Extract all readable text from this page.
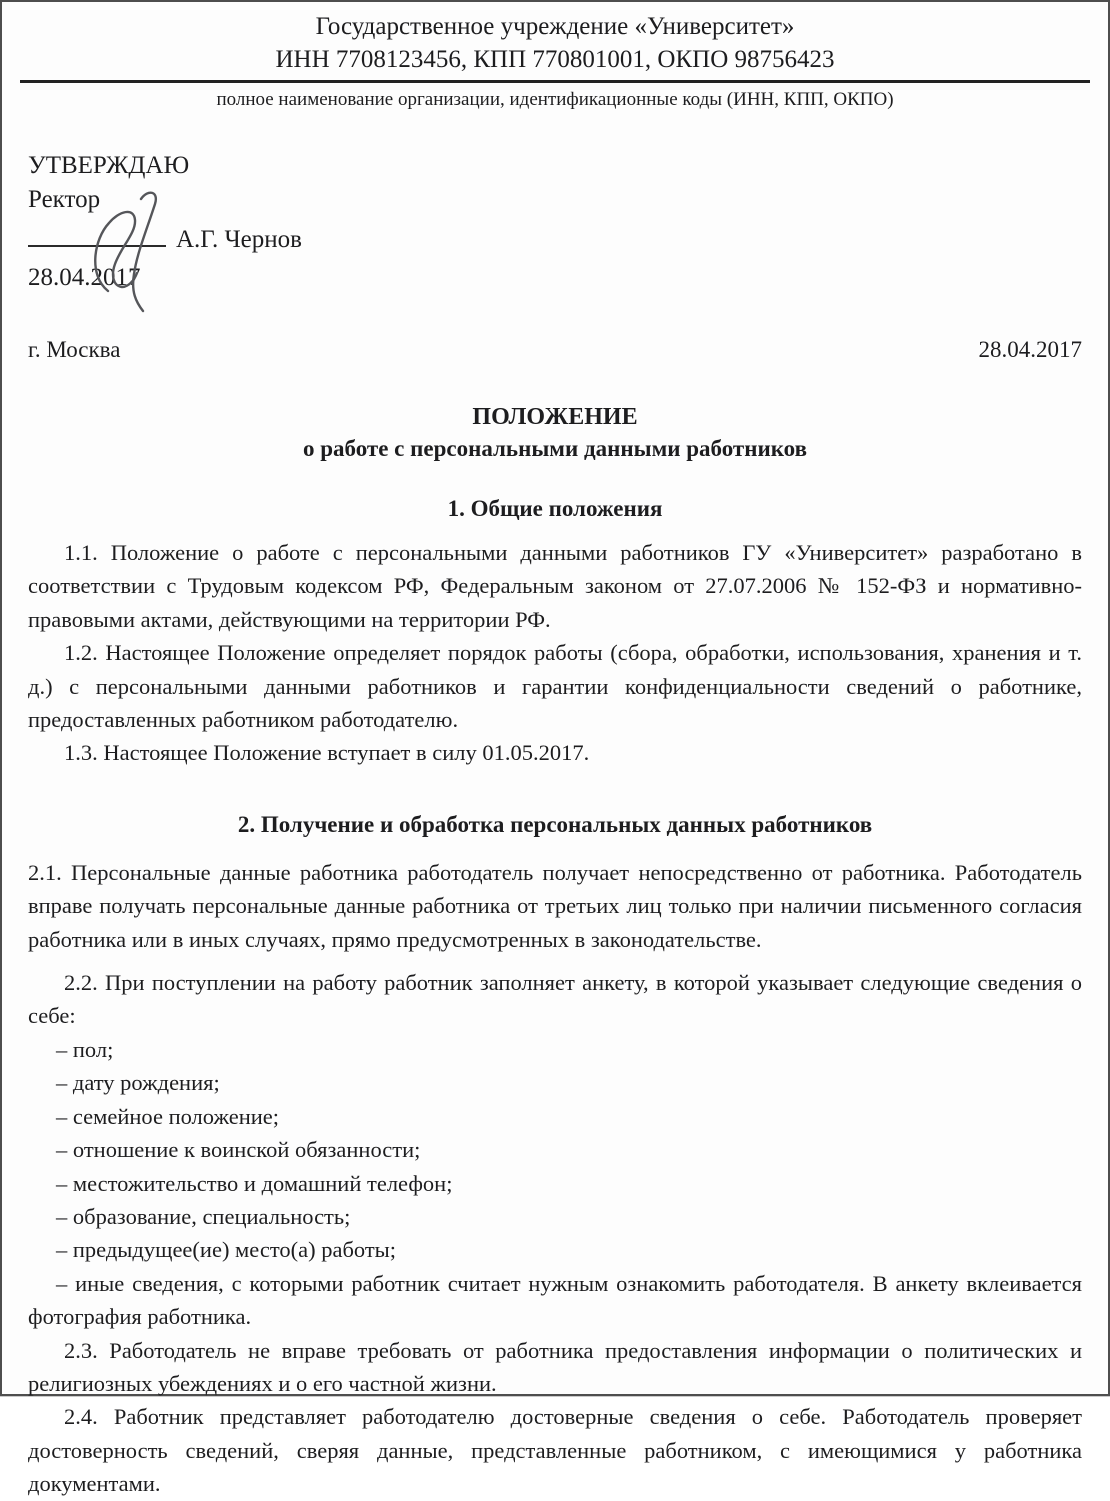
Государственное учреждение «Университет»
ИНН 7708123456, КПП 770801001, ОКПО 98756423
полное наименование организации, идентификационные коды (ИНН, КПП, ОКПО)
УТВЕРЖДАЮ
Ректор
А.Г. Чернов
28.04.2017
г. Москва	28.04.2017
ПОЛОЖЕНИЕ
о работе с персональными данными работников
1. Общие положения

1.1. Положение о работе с персональными данными работников ГУ «Университет» разработано в соответствии с Трудовым кодексом РФ, Федеральным законом от 27.07.2006 № 152-ФЗ и нормативно-правовыми актами, действующими на территории РФ.

1.2. Настоящее Положение определяет порядок работы (сбора, обработки, использования, хранения и т. д.) с персональными данными работников и гарантии конфиденциальности сведений о работнике, предоставленных работником работодателю.

1.3. Настоящее Положение вступает в силу 01.05.2017.

2. Получение и обработка персональных данных работников

2.1. Персональные данные работника работодатель получает непосредственно от работника. Работодатель вправе получать персональные данные работника от третьих лиц только при наличии письменного согласия работника или в иных случаях, прямо предусмотренных в законодательстве.

2.2. При поступлении на работу работник заполняет анкету, в которой указывает следующие сведения о себе:

– пол;
– дату рождения;
– семейное положение;
– отношение к воинской обязанности;
– местожительство и домашний телефон;
– образование, специальность;
– предыдущее(ие) место(а) работы;
– иные сведения, с которыми работник считает нужным ознакомить работодателя. В анкету вклеивается фотография работника.

2.3. Работодатель не вправе требовать от работника предоставления информации о политических и религиозных убеждениях и о его частной жизни.

2.4. Работник представляет работодателю достоверные сведения о себе. Работодатель проверяет достоверность сведений, сверяя данные, представленные работником, с имеющимися у работника документами.
